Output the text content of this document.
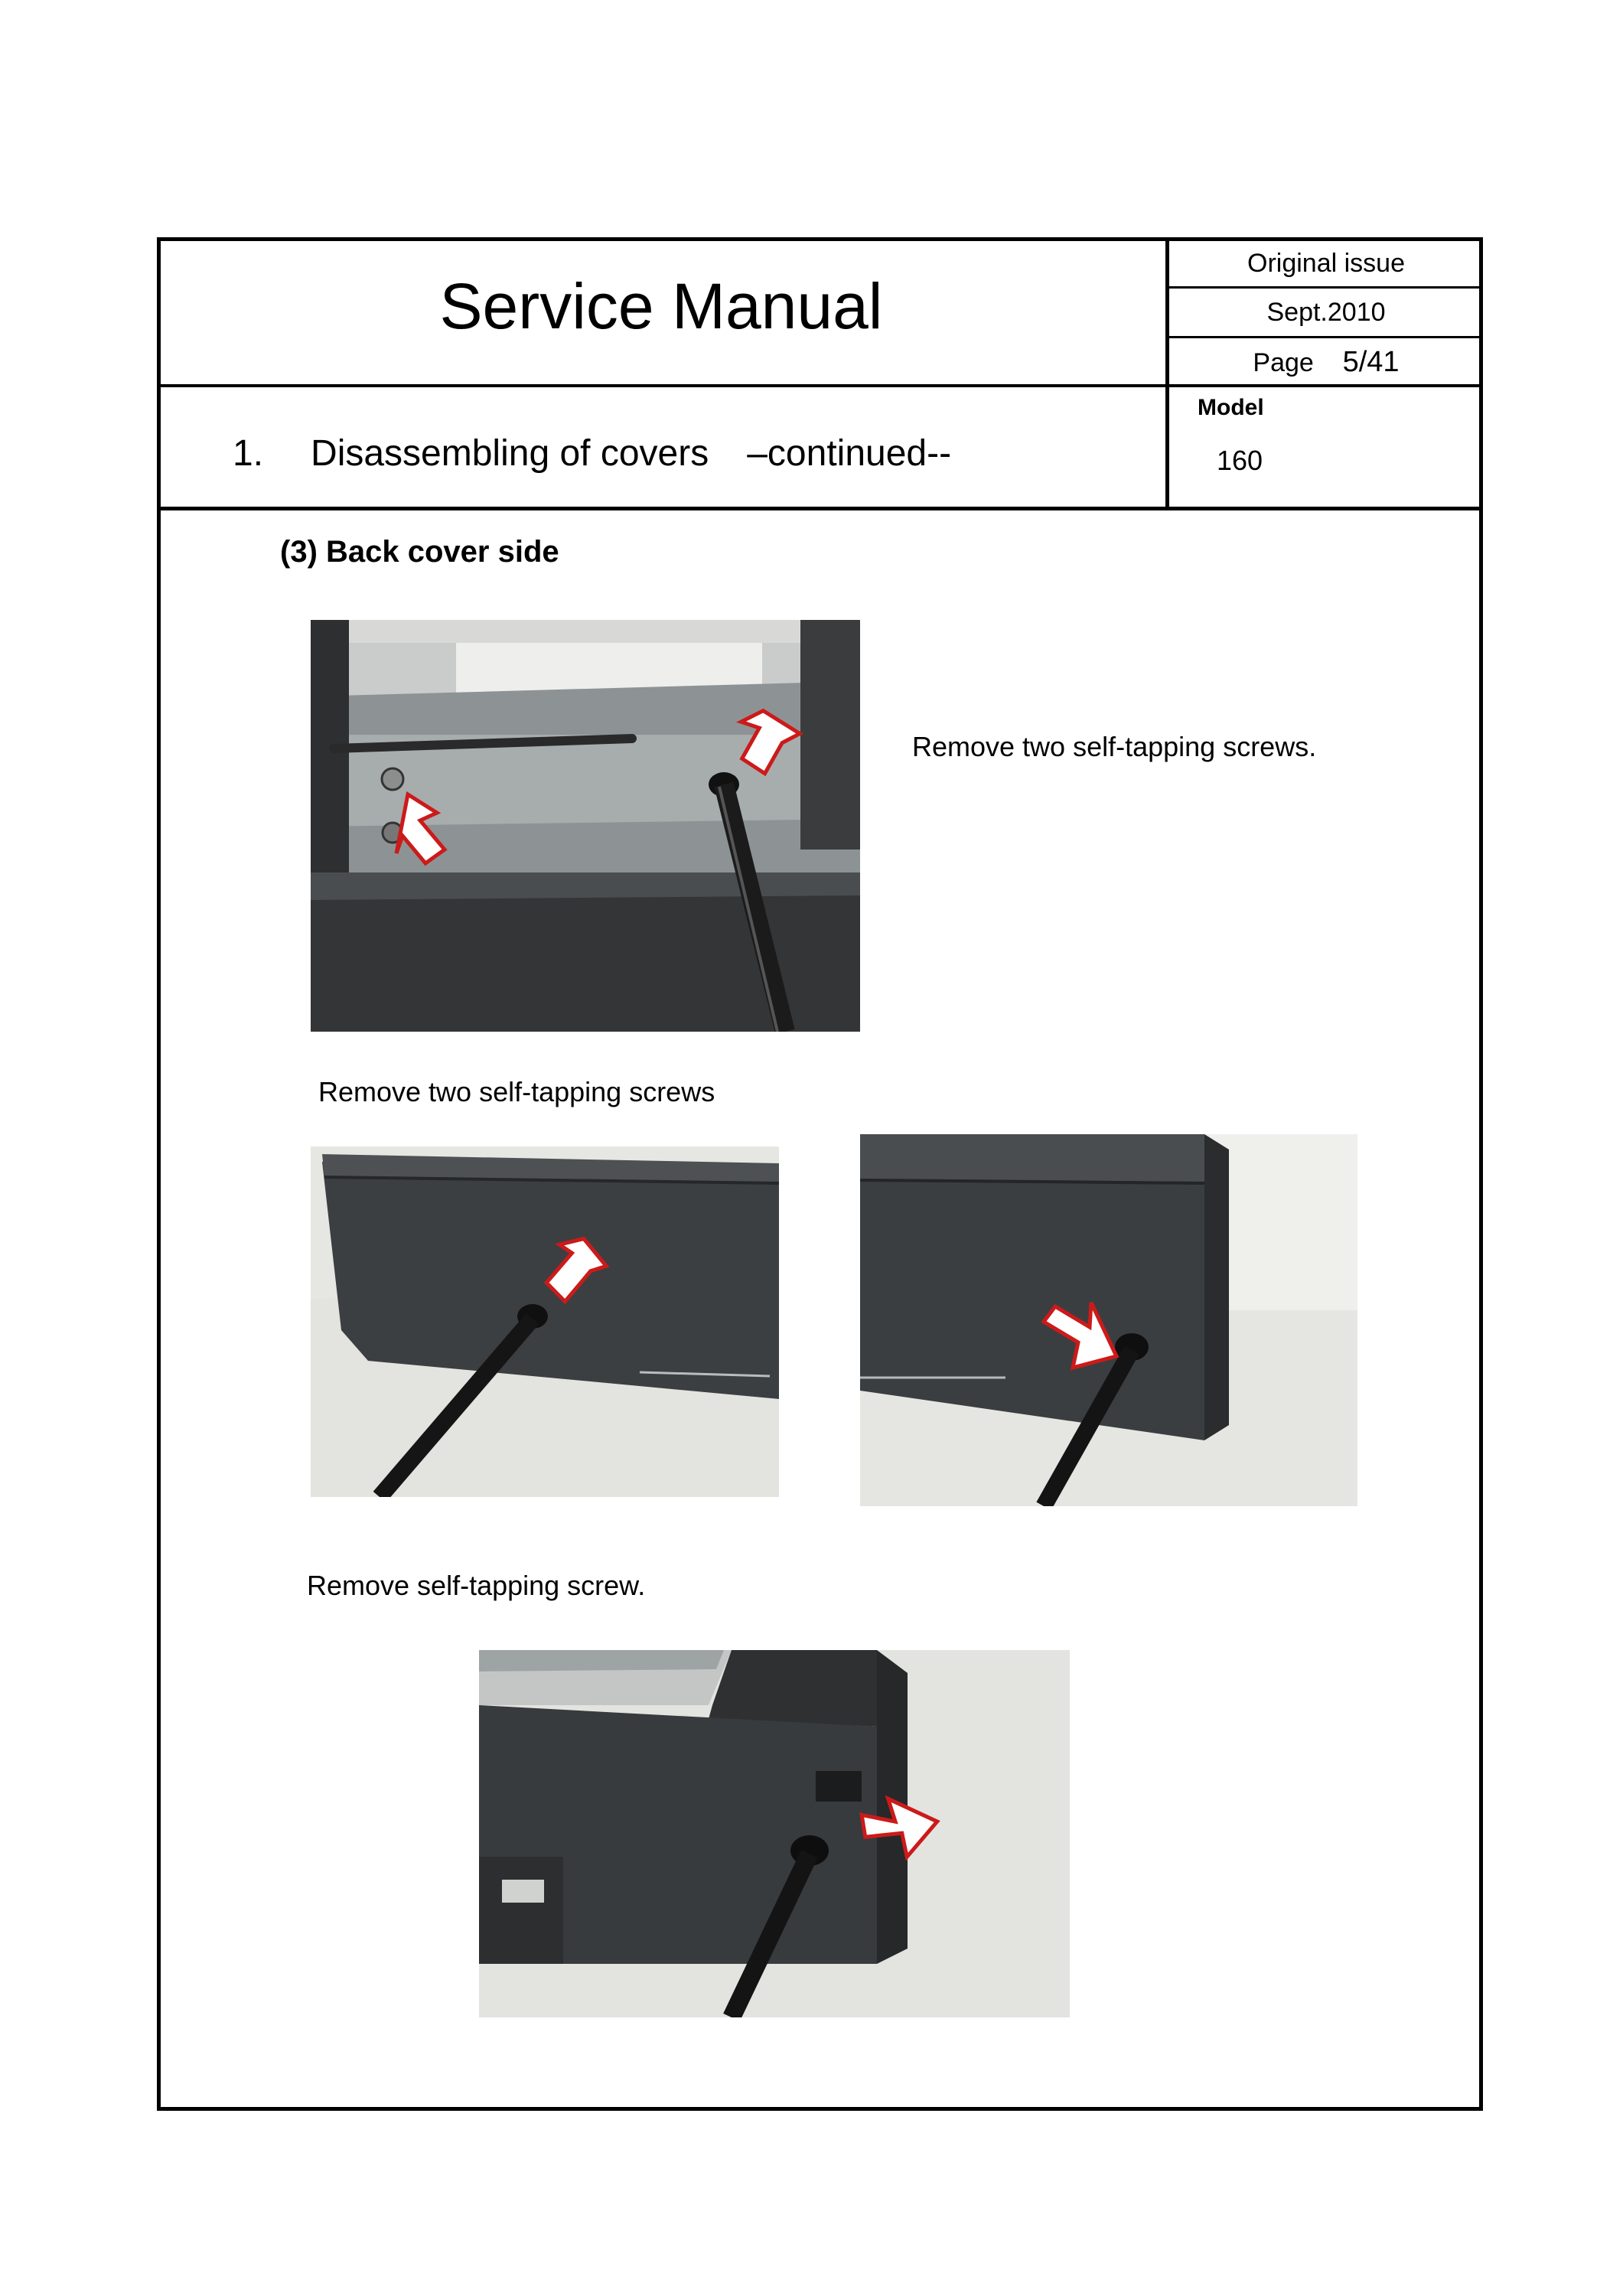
Service Manual
Original issue
Sept.2010
Page 5/41
Model
160
1. Disassembling of covers –continued--
(3) Back cover side
Remove two self-tapping screws.
Remove two self-tapping screws
Remove self-tapping screw.
